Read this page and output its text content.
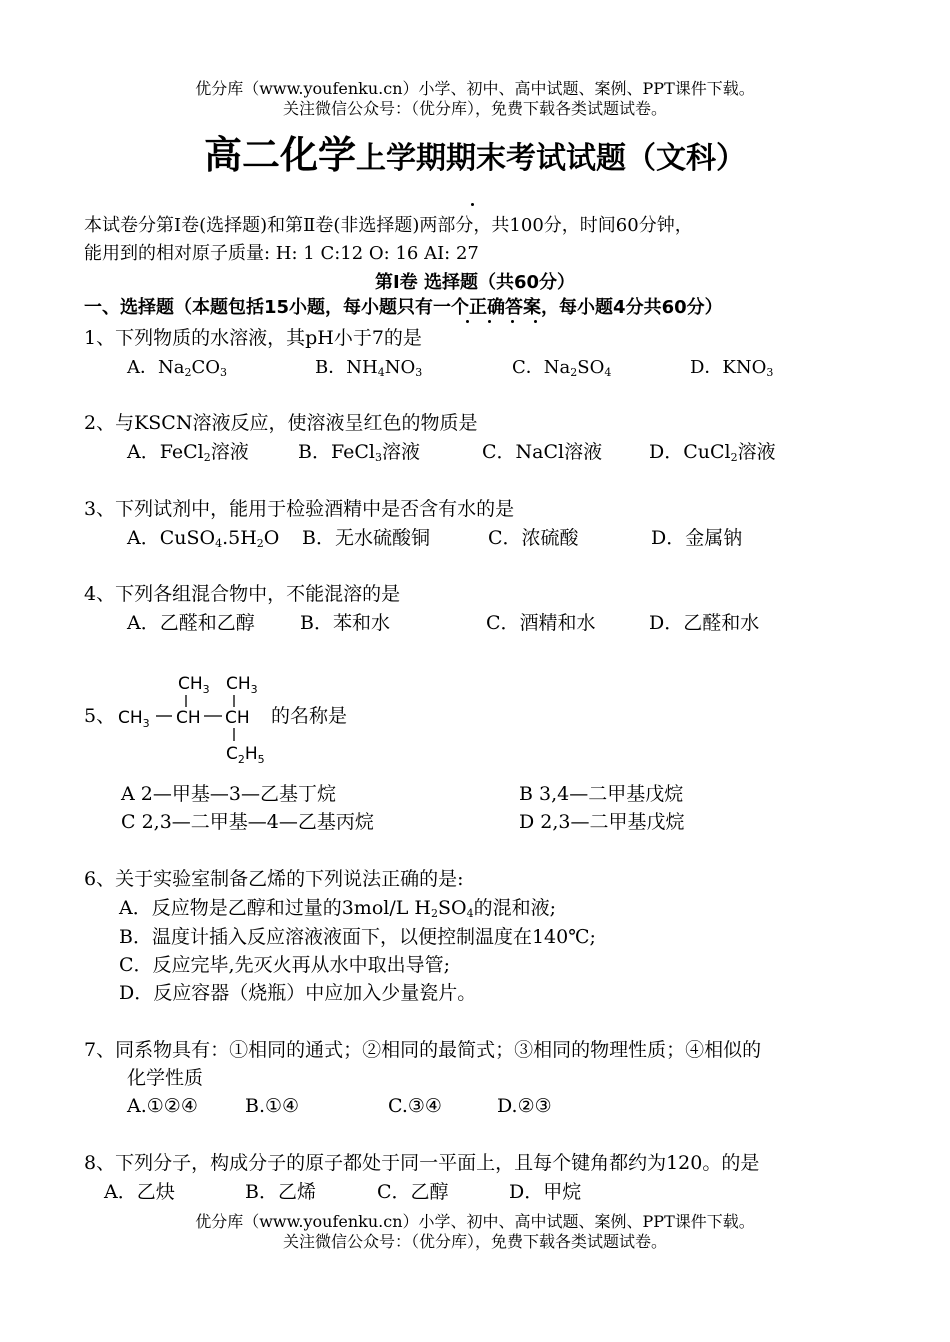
优分库（www.youfenku.cn）小学、初中、高中试题、案例、PPT课件下载。
关注微信公众号：（优分库），免费下载各类试题试卷。
高二化学上学期期末考试试题（文科）
本试卷分第Ⅰ卷(选择题)和第Ⅱ卷(非选择题)两部分，共100分，时间60分钟，
能用到的相对原子质量: H: 1 C:12 O: 16 AI: 27
第Ⅰ卷 选择题（共60分）
一、选择题（本题包括15小题，每小题只有一个正确答案，每小题4分共60分）
1、下列物质的水溶液，其pH小于7的是
A．$Na_2CO_3$	B．$NH_4NO_3$	C．$Na_2SO_4$	D．$KNO_3$
2、与KSCN溶液反应，使溶液呈红色的物质是
A．FeCl$_2$溶液	B．FeCl$_3$溶液	C．NaCl溶液 D．CuCl$_2$溶液
3、下列试剂中，能用于检验酒精中是否含有水的是
A．$CuSO_4.5H_2O$ B．无水硫酸铜	C．浓硫酸	D．金属钠
4、下列各组混合物中，不能混溶的是
A．乙醛和乙醇 B．苯和水	C．酒精和水	D．乙醛和水
5、
$CH_3$ $CH_3$
$CH_3$ CH CH
$C_2H_5$
的名称是
A 2—甲基—3—乙基丁烷	B 3,4—二甲基戊烷
C 2,3—二甲基—4—乙基丙烷	D 2,3—二甲基戊烷
6、关于实验室制备乙烯的下列说法正确的是:
A．反应物是乙醇和过量的3mol/L $H_2SO_4$的混和液;
B．温度计插入反应溶液液面下，以便控制温度在140℃;
C．反应完毕,先灭火再从水中取出导管;
D．反应容器（烧瓶）中应加入少量瓷片。
7、同系物具有：①相同的通式；②相同的最简式；③相同的物理性质；④相似的
化学性质
A.①②④ B.①④	C.③④	D.②③
8、下列分子，构成分子的原子都处于同一平面上，且每个键角都约为120。的是
A．乙炔	B．乙烯	C．乙醇	D．甲烷
优分库（www.youfenku.cn）小学、初中、高中试题、案例、PPT课件下载。
关注微信公众号：（优分库），免费下载各类试题试卷。
